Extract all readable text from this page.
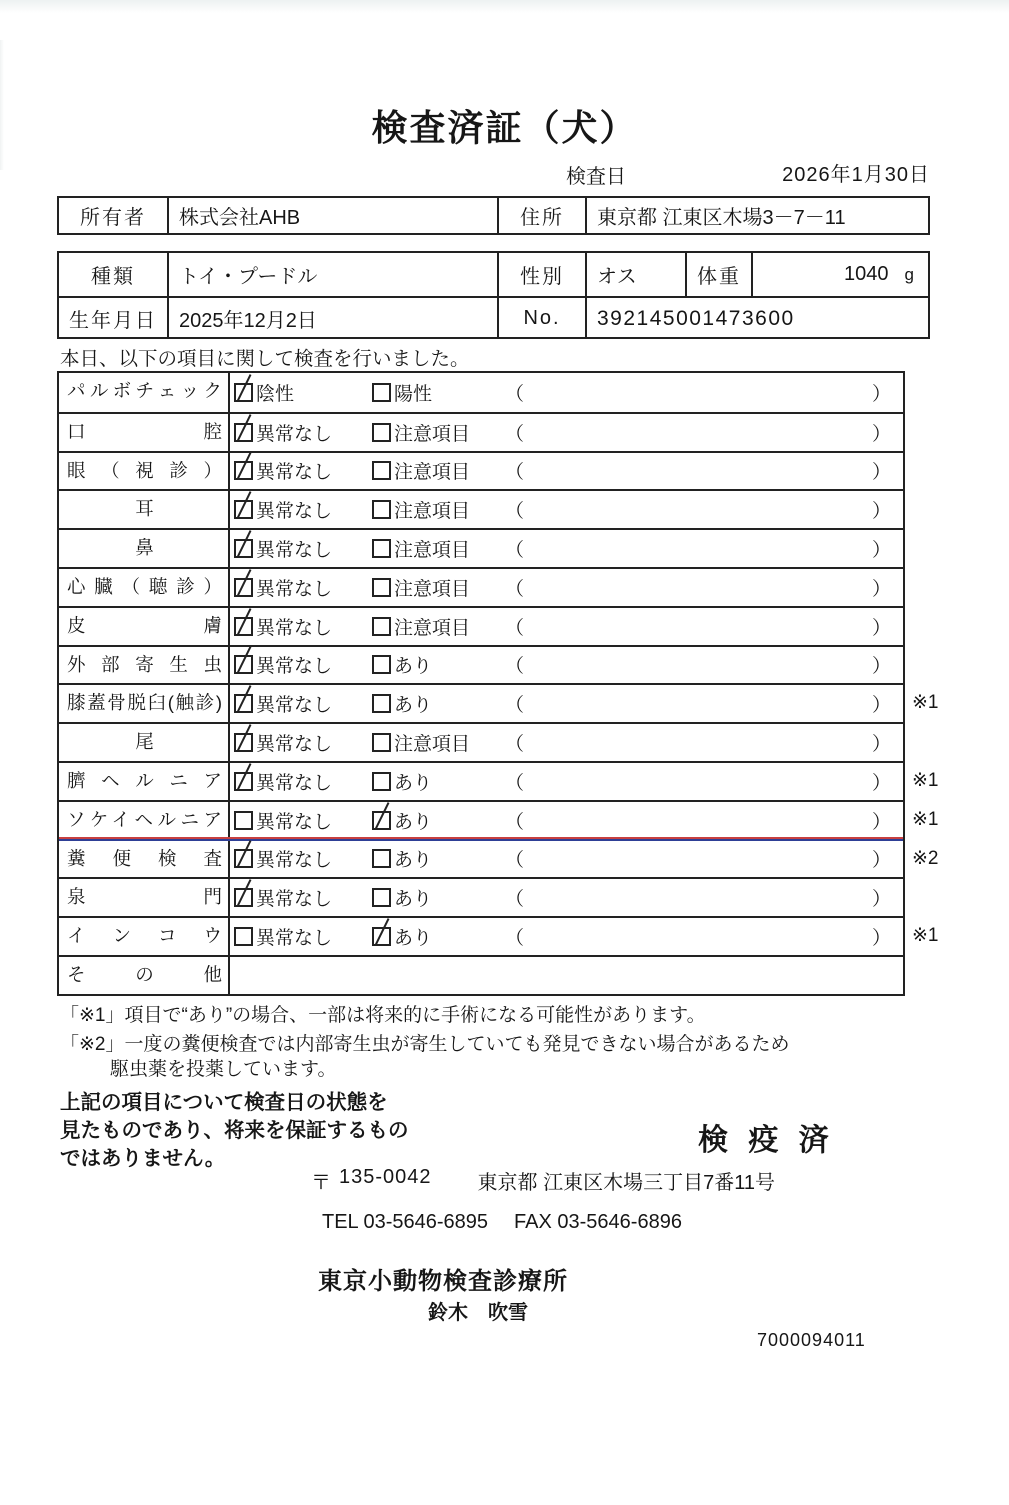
検査済証（犬）
検査日	2026年1月30日
所有者	株式会社AHB	住所	東京都 江東区木場3－7－11
種類	トイ・プードル	性別	オス	体重	1040 g
生年月日	2025年12月2日	No.	392145001473600
本日、以下の項目に関して検査を行いました。
パルボチェック	陰性	陽性	（	）
口腔	異常なし	注意項目 （	）
眼（視診）	異常なし	注意項目 （	）
耳	異常なし	注意項目 （	）
鼻	異常なし	注意項目 （	）
心臓（聴診）	異常なし	注意項目 （	）
皮膚	異常なし	注意項目 （	）
外部寄生虫	異常なし	あり	（	）
膝蓋骨脱臼(触診)	異常なし	あり	（	） ※1
尾	異常なし	注意項目 （	）
臍ヘルニア	異常なし	あり	（	） ※1
ソケイヘルニア	異常なし	あり	（	） ※1
糞便検査	異常なし	あり	（	） ※2
泉門	異常なし	あり	（	）
インコウ	異常なし	あり	（	） ※1
その他
「※1」項目で“あり”の場合、一部は将来的に手術になる可能性があります。
「※2」一度の糞便検査では内部寄生虫が寄生していても発見できない場合があるため
駆虫薬を投薬しています。
上記の項目について検査日の状態を
見たものであり、将来を保証するもの
ではありません。
検 疫 済
〒 135-0042 東京都 江東区木場三丁目7番11号
TEL 03-5646-6895 FAX 03-5646-6896
東京小動物検査診療所
鈴木　吹雪
7000094011
